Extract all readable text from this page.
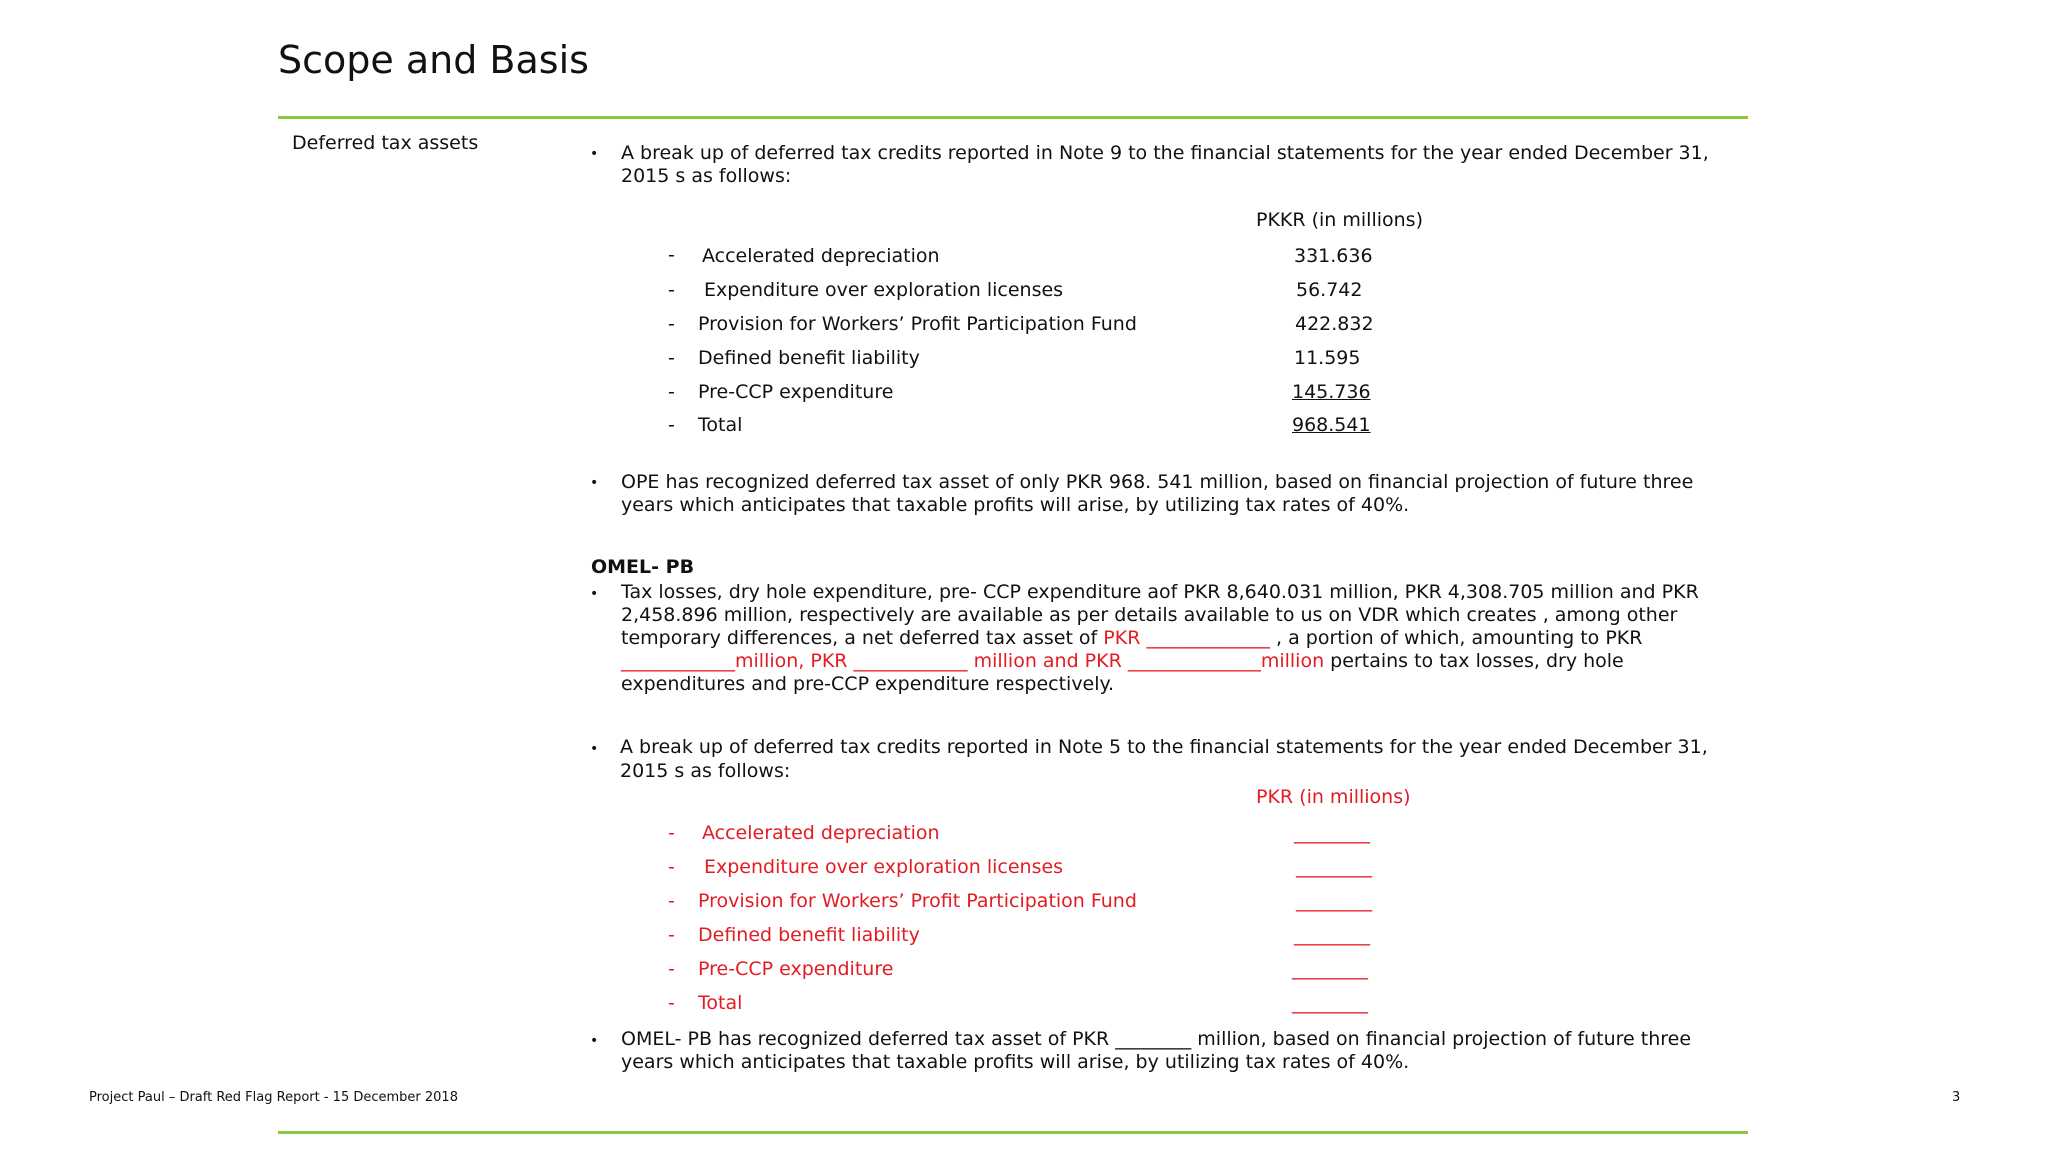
Scope and Basis
Deferred tax assets	• A break up of deferred tax credits reported in Note 9 to the financial statements for the year ended December 31,
2015 s as follows:
PKKR (in millions)
- Accelerated depreciation	331.636
- Expenditure over exploration licenses	56.742
- Provision for Workers’ Profit Participation Fund	422.832
- Defined benefit liability	11.595
- Pre-CCP expenditure	145.736
- Total	968.541
• OPE has recognized deferred tax asset of only PKR 968. 541 million, based on financial projection of future three
years which anticipates that taxable profits will arise, by utilizing tax rates of 40%.
OMEL- PB
• Tax losses, dry hole expenditure, pre- CCP expenditure aof PKR 8,640.031 million, PKR 4,308.705 million and PKR
2,458.896 million, respectively are available as per details available to us on VDR which creates , among other
temporary differences, a net deferred tax asset of PKR _____________ , a portion of which, amounting to PKR
____________million, PKR ____________ million and PKR ______________million pertains to tax losses, dry hole
expenditures and pre-CCP expenditure respectively.
• A break up of deferred tax credits reported in Note 5 to the financial statements for the year ended December 31,
2015 s as follows:
PKR (in millions)
- Accelerated depreciation	________
- Expenditure over exploration licenses	________
- Provision for Workers’ Profit Participation Fund	________
- Defined benefit liability	________
- Pre-CCP expenditure	________
- Total	________
• OMEL- PB has recognized deferred tax asset of PKR ________ million, based on financial projection of future three
years which anticipates that taxable profits will arise, by utilizing tax rates of 40%.
Project Paul – Draft Red Flag Report - 15 December 2018	3
